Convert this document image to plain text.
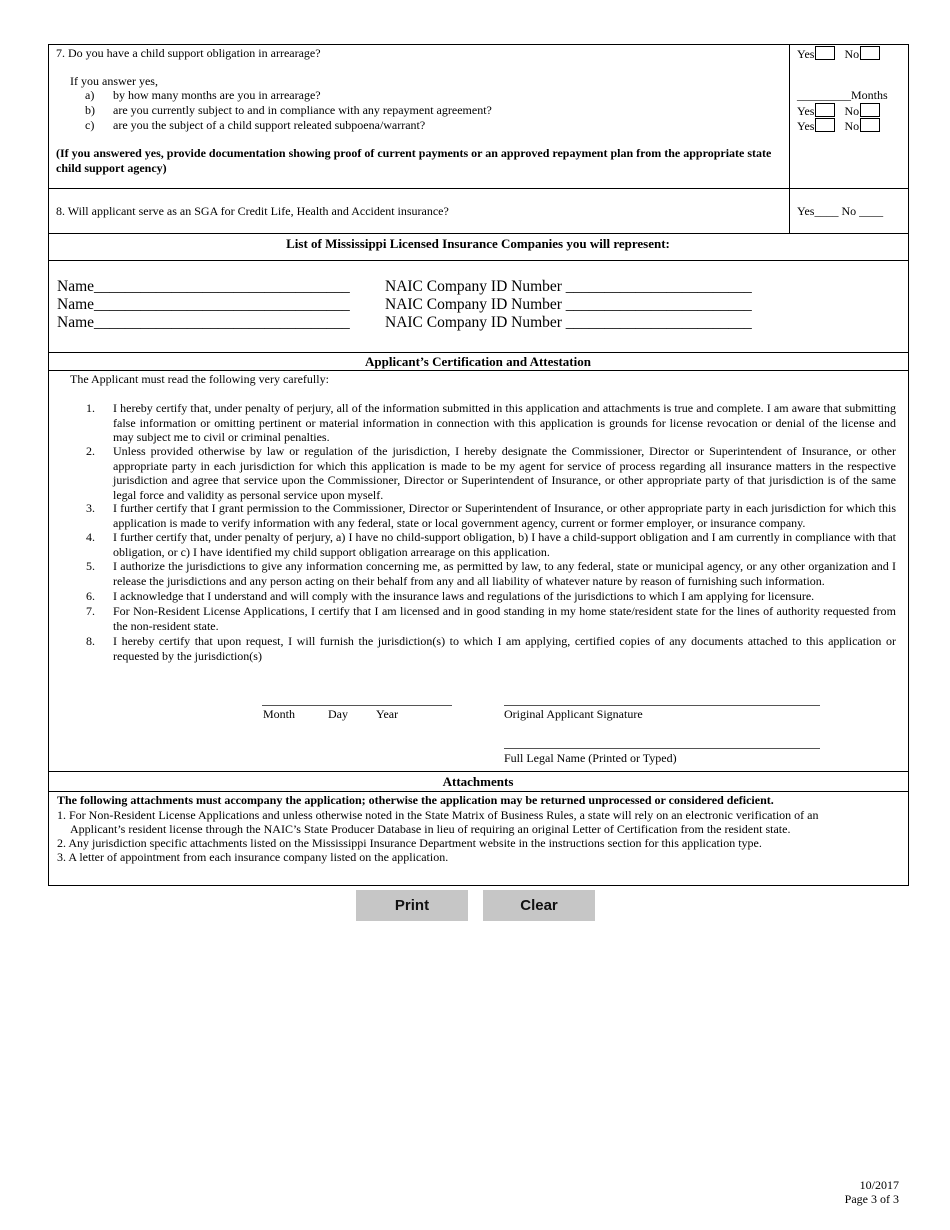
7. Do you have a child support obligation in arrearage?
If you answer yes,
a) by how many months are you in arrearage?
b) are you currently subject to and in compliance with any repayment agreement?
c) are you the subject of a child support releated subpoena/warrant?
(If you answered yes, provide documentation showing proof of current payments or an approved repayment plan from the appropriate state child support agency)
Yes	No
_________Months
Yes	No
Yes	No
8. Will applicant serve as an SGA for Credit Life, Health and Accident insurance?	Yes____ No ____
List of Mississippi Licensed Insurance Companies you will represent:
Name_________________________________ NAIC Company ID Number ________________________
Name_________________________________ NAIC Company ID Number ________________________
Name_________________________________ NAIC Company ID Number ________________________
Applicant’s Certification and Attestation
The Applicant must read the following very carefully:
1. I hereby certify that, under penalty of perjury, all of the information submitted in this application and attachments is true and complete. I am aware that submitting false information or omitting pertinent or material information in connection with this application is grounds for license revocation or denial of the license and may subject me to civil or criminal penalties.
2. Unless provided otherwise by law or regulation of the jurisdiction, I hereby designate the Commissioner, Director or Superintendent of Insurance, or other appropriate party in each jurisdiction for which this application is made to be my agent for service of process regarding all insurance matters in the respective jurisdiction and agree that service upon the Commissioner, Director or Superintendent of Insurance, or other appropriate party of that jurisdiction is of the same legal force and validity as personal service upon myself.
3. I further certify that I grant permission to the Commissioner, Director or Superintendent of Insurance, or other appropriate party in each jurisdiction for which this application is made to verify information with any federal, state or local government agency, current or former employer, or insurance company.
4. I further certify that, under penalty of perjury, a) I have no child-support obligation, b) I have a child-support obligation and I am currently in compliance with that obligation, or c) I have identified my child support obligation arrearage on this application.
5. I authorize the jurisdictions to give any information concerning me, as permitted by law, to any federal, state or municipal agency, or any other organization and I release the jurisdictions and any person acting on their behalf from any and all liability of whatever nature by reason of furnishing such information.
6. I acknowledge that I understand and will comply with the insurance laws and regulations of the jurisdictions to which I am applying for licensure.
7. For Non-Resident License Applications, I certify that I am licensed and in good standing in my home state/resident state for the lines of authority requested from the non-resident state.
8. I hereby certify that upon request, I will furnish the jurisdiction(s) to which I am applying, certified copies of any documents attached to this application or requested by the jurisdiction(s)
Month	Day Year	Original Applicant Signature
Full Legal Name (Printed or Typed)
Attachments
The following attachments must accompany the application; otherwise the application may be returned unprocessed or considered deficient.
1. For Non-Resident License Applications and unless otherwise noted in the State Matrix of Business Rules, a state will rely on an electronic verification of an Applicant’s resident license through the NAIC’s State Producer Database in lieu of requiring an original Letter of Certification from the resident state.
2. Any jurisdiction specific attachments listed on the Mississippi Insurance Department website in the instructions section for this application type.
3. A letter of appointment from each insurance company listed on the application.
Print	Clear
10/2017
Page 3 of 3
